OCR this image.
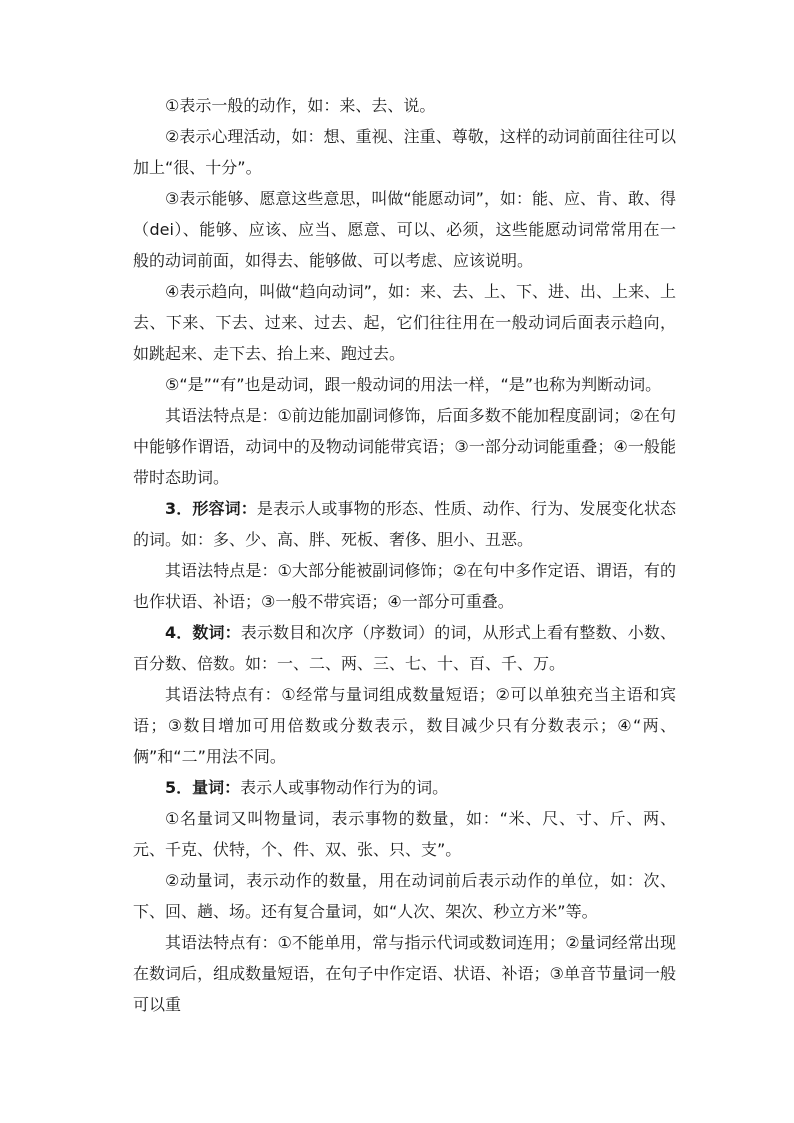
①表示一般的动作，如：来、去、说。

②表示心理活动，如：想、重视、注重、尊敬，这样的动词前面往往可以加上“很、十分”。

③表示能够、愿意这些意思，叫做“能愿动词”，如：能、应、肯、敢、得（dei）、能够、应该、应当、愿意、可以、必须，这些能愿动词常常用在一般的动词前面，如得去、能够做、可以考虑、应该说明。

④表示趋向，叫做“趋向动词”，如：来、去、上、下、进、出、上来、上去、下来、下去、过来、过去、起，它们往往用在一般动词后面表示趋向，如跳起来、走下去、抬上来、跑过去。

⑤“是”“有”也是动词，跟一般动词的用法一样，“是”也称为判断动词。

其语法特点是：①前边能加副词修饰，后面多数不能加程度副词；②在句中能够作谓语，动词中的及物动词能带宾语；③一部分动词能重叠；④一般能带时态助词。

3．形容词：是表示人或事物的形态、性质、动作、行为、发展变化状态的词。如：多、少、高、胖、死板、奢侈、胆小、丑恶。

其语法特点是：①大部分能被副词修饰；②在句中多作定语、谓语，有的也作状语、补语；③一般不带宾语；④一部分可重叠。

4．数词：表示数目和次序（序数词）的词，从形式上看有整数、小数、百分数、倍数。如：一、二、两、三、七、十、百、千、万。

其语法特点有：①经常与量词组成数量短语；②可以单独充当主语和宾语；③数目增加可用倍数或分数表示，数目减少只有分数表示；④“两、俩”和“二”用法不同。

5．量词：表示人或事物动作行为的词。

①名量词又叫物量词，表示事物的数量，如：“米、尺、寸、斤、两、元、千克、伏特，个、件、双、张、只、支”。

②动量词，表示动作的数量，用在动词前后表示动作的单位，如：次、下、回、趟、场。还有复合量词，如“人次、架次、秒立方米”等。

其语法特点有：①不能单用，常与指示代词或数词连用；②量词经常出现在数词后，组成数量短语，在句子中作定语、状语、补语；③单音节量词一般可以重
